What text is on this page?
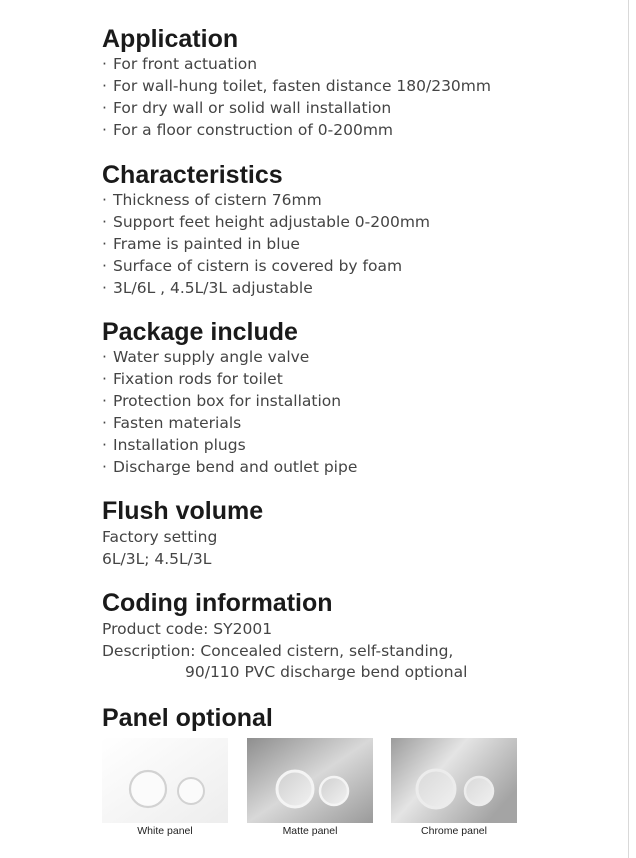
Application
· For front actuation
· For wall-hung toilet, fasten distance 180/230mm
· For dry wall or solid wall installation
· For a floor construction of 0-200mm
Characteristics
· Thickness of cistern 76mm
· Support feet height adjustable 0-200mm
· Frame is painted in blue
· Surface of cistern is covered by foam
· 3L/6L , 4.5L/3L adjustable
Package include
· Water supply angle valve
· Fixation rods for toilet
· Protection box for installation
· Fasten materials
· Installation plugs
· Discharge bend and outlet pipe
Flush volume
Factory setting
6L/3L; 4.5L/3L
Coding information
Product code: SY2001
Description: Concealed cistern, self-standing,
90/110 PVC discharge bend optional
Panel optional
White panel	Matte panel	Chrome panel
